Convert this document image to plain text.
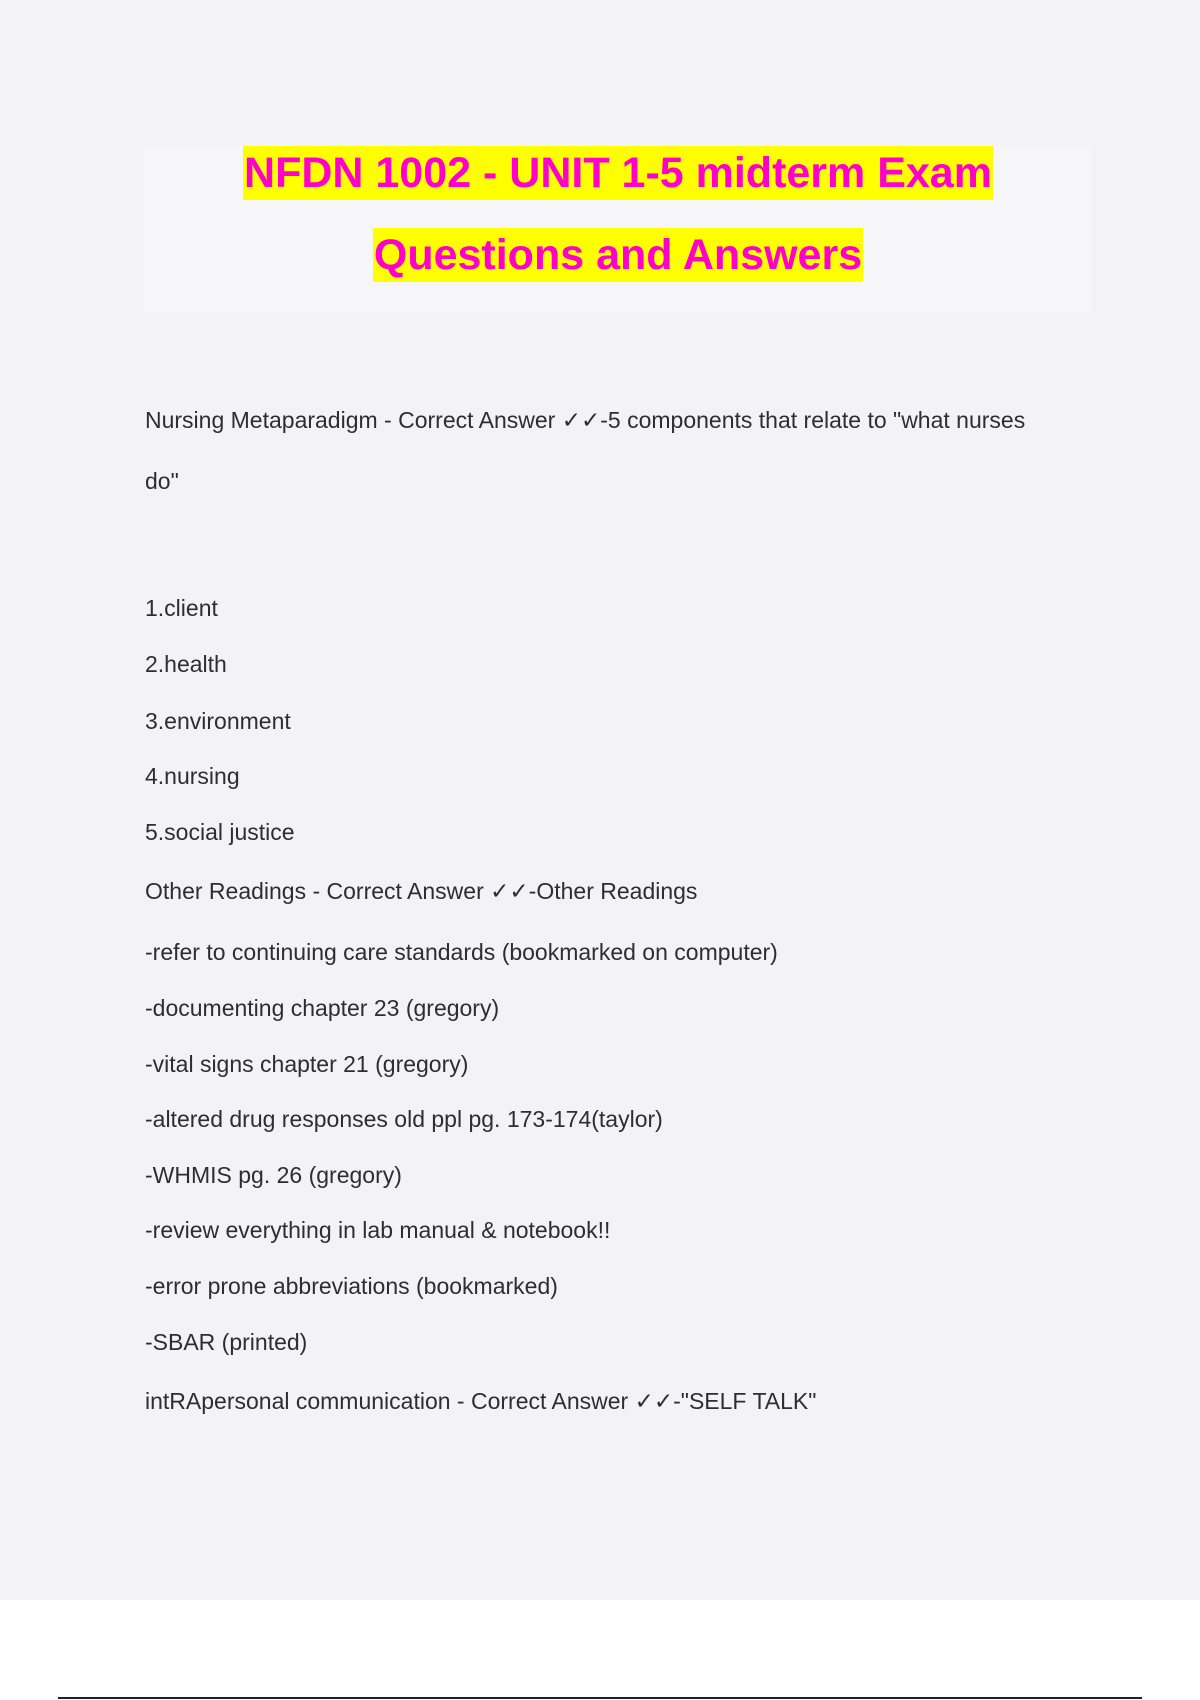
NFDN 1002 - UNIT 1-5 midterm Exam
Questions and Answers
Nursing Metaparadigm - Correct Answer ✓✓-5 components that relate to "what nurses
do"
1.client
2.health
3.environment
4.nursing
5.social justice
Other Readings - Correct Answer ✓✓-Other Readings
-refer to continuing care standards (bookmarked on computer)
-documenting chapter 23 (gregory)
-vital signs chapter 21 (gregory)
-altered drug responses old ppl pg. 173-174(taylor)
-WHMIS pg. 26 (gregory)
-review everything in lab manual & notebook!!
-error prone abbreviations (bookmarked)
-SBAR (printed)
intRApersonal communication - Correct Answer ✓✓-"SELF TALK"
